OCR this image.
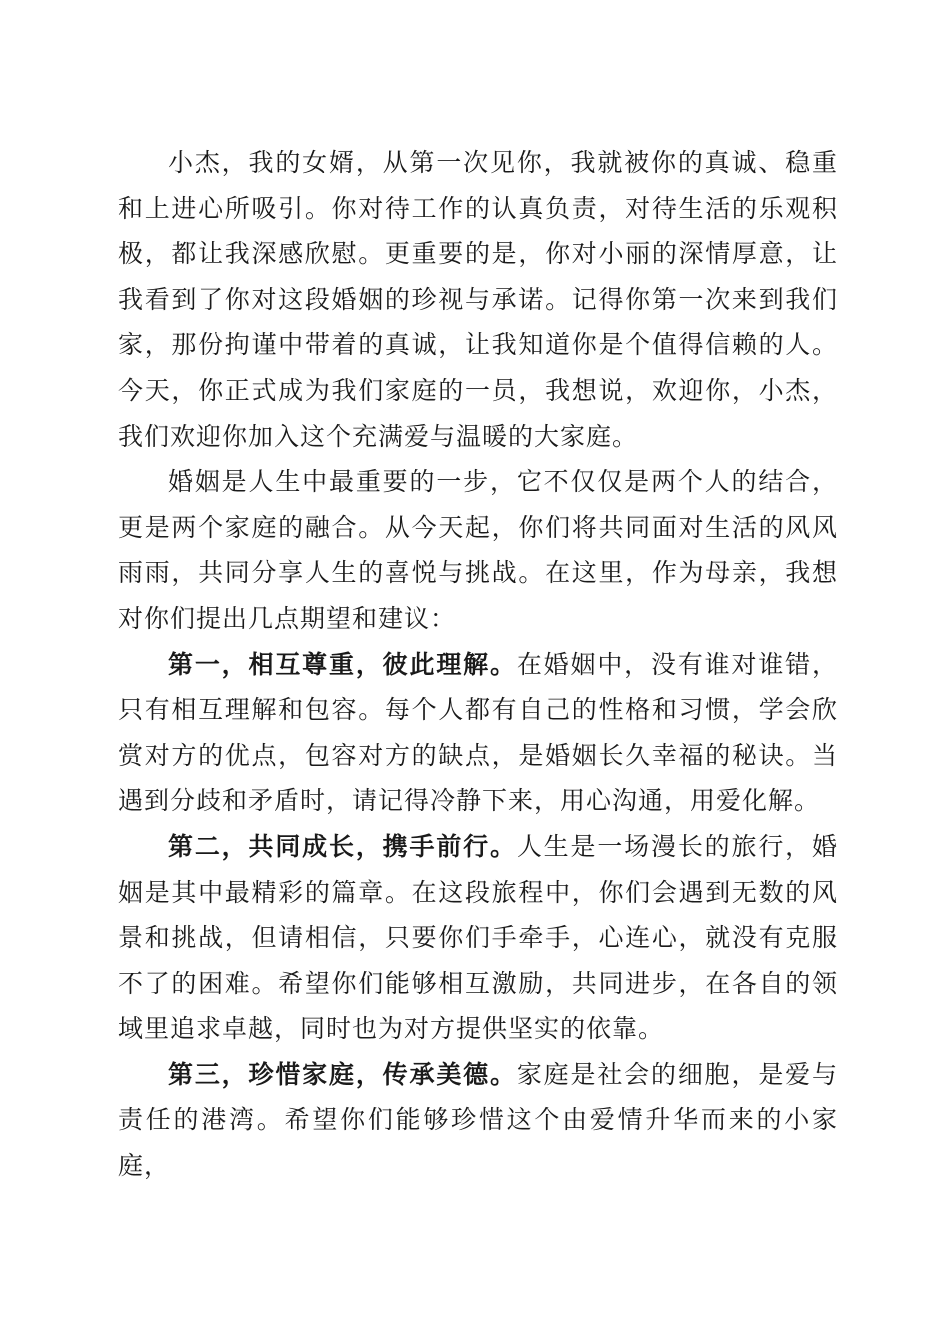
小杰，我的女婿，从第一次见你，我就被你的真诚、稳重和上进心所吸引。你对待工作的认真负责，对待生活的乐观积极，都让我深感欣慰。更重要的是，你对小丽的深情厚意，让我看到了你对这段婚姻的珍视与承诺。记得你第一次来到我们家，那份拘谨中带着的真诚，让我知道你是个值得信赖的人。今天，你正式成为我们家庭的一员，我想说，欢迎你，小杰，我们欢迎你加入这个充满爱与温暖的大家庭。

婚姻是人生中最重要的一步，它不仅仅是两个人的结合，更是两个家庭的融合。从今天起，你们将共同面对生活的风风雨雨，共同分享人生的喜悦与挑战。在这里，作为母亲，我想对你们提出几点期望和建议：

第一，相互尊重，彼此理解。在婚姻中，没有谁对谁错，只有相互理解和包容。每个人都有自己的性格和习惯，学会欣赏对方的优点，包容对方的缺点，是婚姻长久幸福的秘诀。当遇到分歧和矛盾时，请记得冷静下来，用心沟通，用爱化解。

第二，共同成长，携手前行。人生是一场漫长的旅行，婚姻是其中最精彩的篇章。在这段旅程中，你们会遇到无数的风景和挑战，但请相信，只要你们手牵手，心连心，就没有克服不了的困难。希望你们能够相互激励，共同进步，在各自的领域里追求卓越，同时也为对方提供坚实的依靠。

第三，珍惜家庭，传承美德。家庭是社会的细胞，是爱与责任的港湾。希望你们能够珍惜这个由爱情升华而来的小家庭，
